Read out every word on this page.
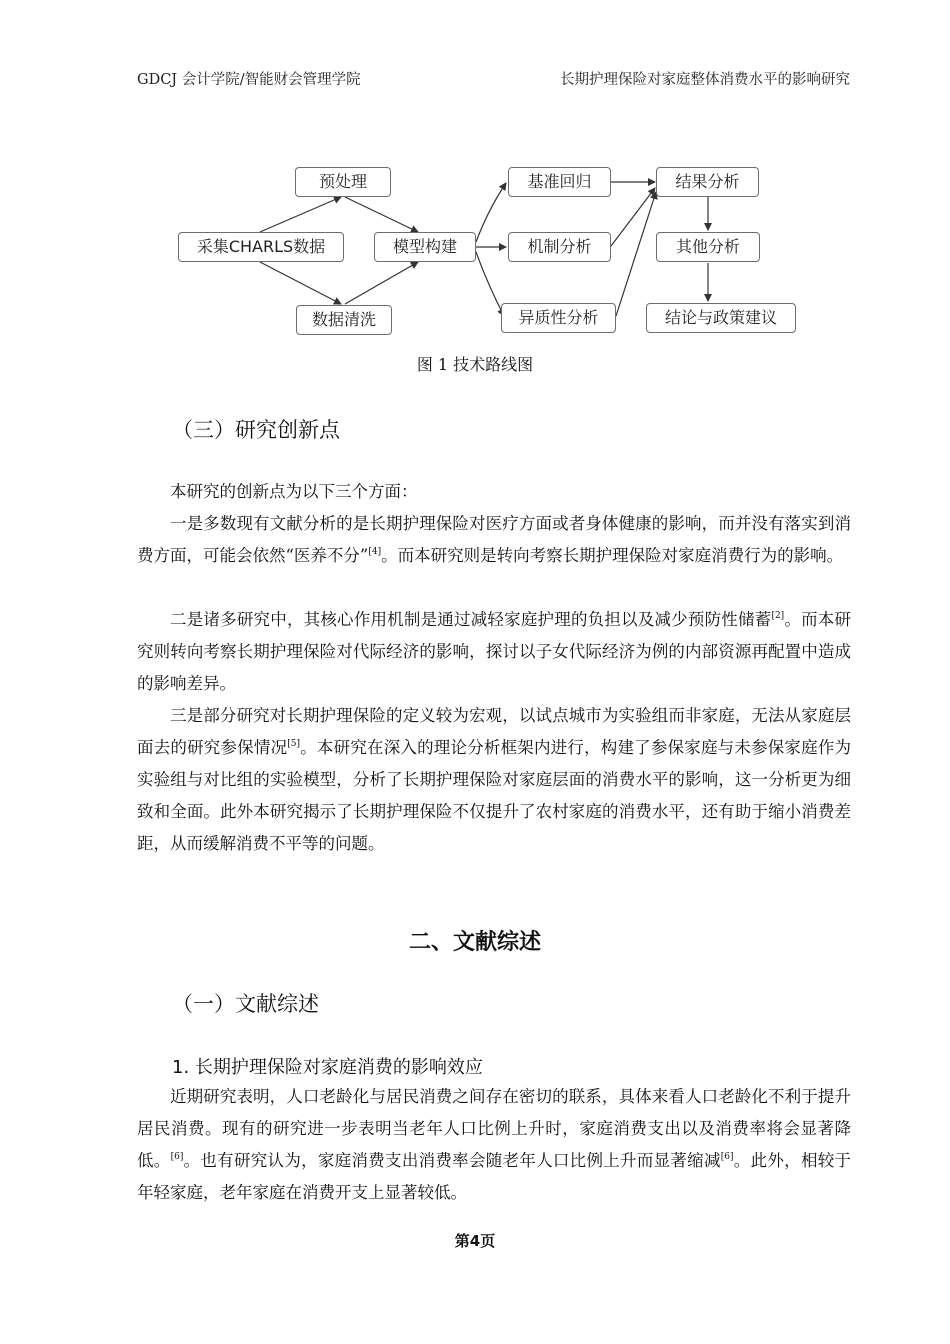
GDCJ 会计学院/智能财会管理学院	长期护理保险对家庭整体消费水平的影响研究
采集CHARLS数据
预处理
数据清洗
模型构建
基准回归
机制分析
异质性分析
结果分析
其他分析
结论与政策建议
图 1 技术路线图
（三）研究创新点

本研究的创新点为以下三个方面：

一是多数现有文献分析的是长期护理保险对医疗方面或者身体健康的影响，而并没有落实到消费方面，可能会依然“医养不分”[4]。而本研究则是转向考察长期护理保险对家庭消费行为的影响。

二是诸多研究中，其核心作用机制是通过减轻家庭护理的负担以及减少预防性储蓄[2]。而本研究则转向考察长期护理保险对代际经济的影响，探讨以子女代际经济为例的内部资源再配置中造成的影响差异。

三是部分研究对长期护理保险的定义较为宏观，以试点城市为实验组而非家庭，无法从家庭层面去的研究参保情况[5]。本研究在深入的理论分析框架内进行，构建了参保家庭与未参保家庭作为实验组与对比组的实验模型，分析了长期护理保险对家庭层面的消费水平的影响，这一分析更为细致和全面。此外本研究揭示了长期护理保险不仅提升了农村家庭的消费水平，还有助于缩小消费差距，从而缓解消费不平等的问题。

二、文献综述
（一）文献综述
1. 长期护理保险对家庭消费的影响效应

近期研究表明，人口老龄化与居民消费之间存在密切的联系，具体来看人口老龄化不利于提升居民消费。现有的研究进一步表明当老年人口比例上升时，家庭消费支出以及消费率将会显著降低。[6]。也有研究认为，家庭消费支出消费率会随老年人口比例上升而显著缩减[6]。此外，相较于年轻家庭，老年家庭在消费开支上显著较低。

第4页
